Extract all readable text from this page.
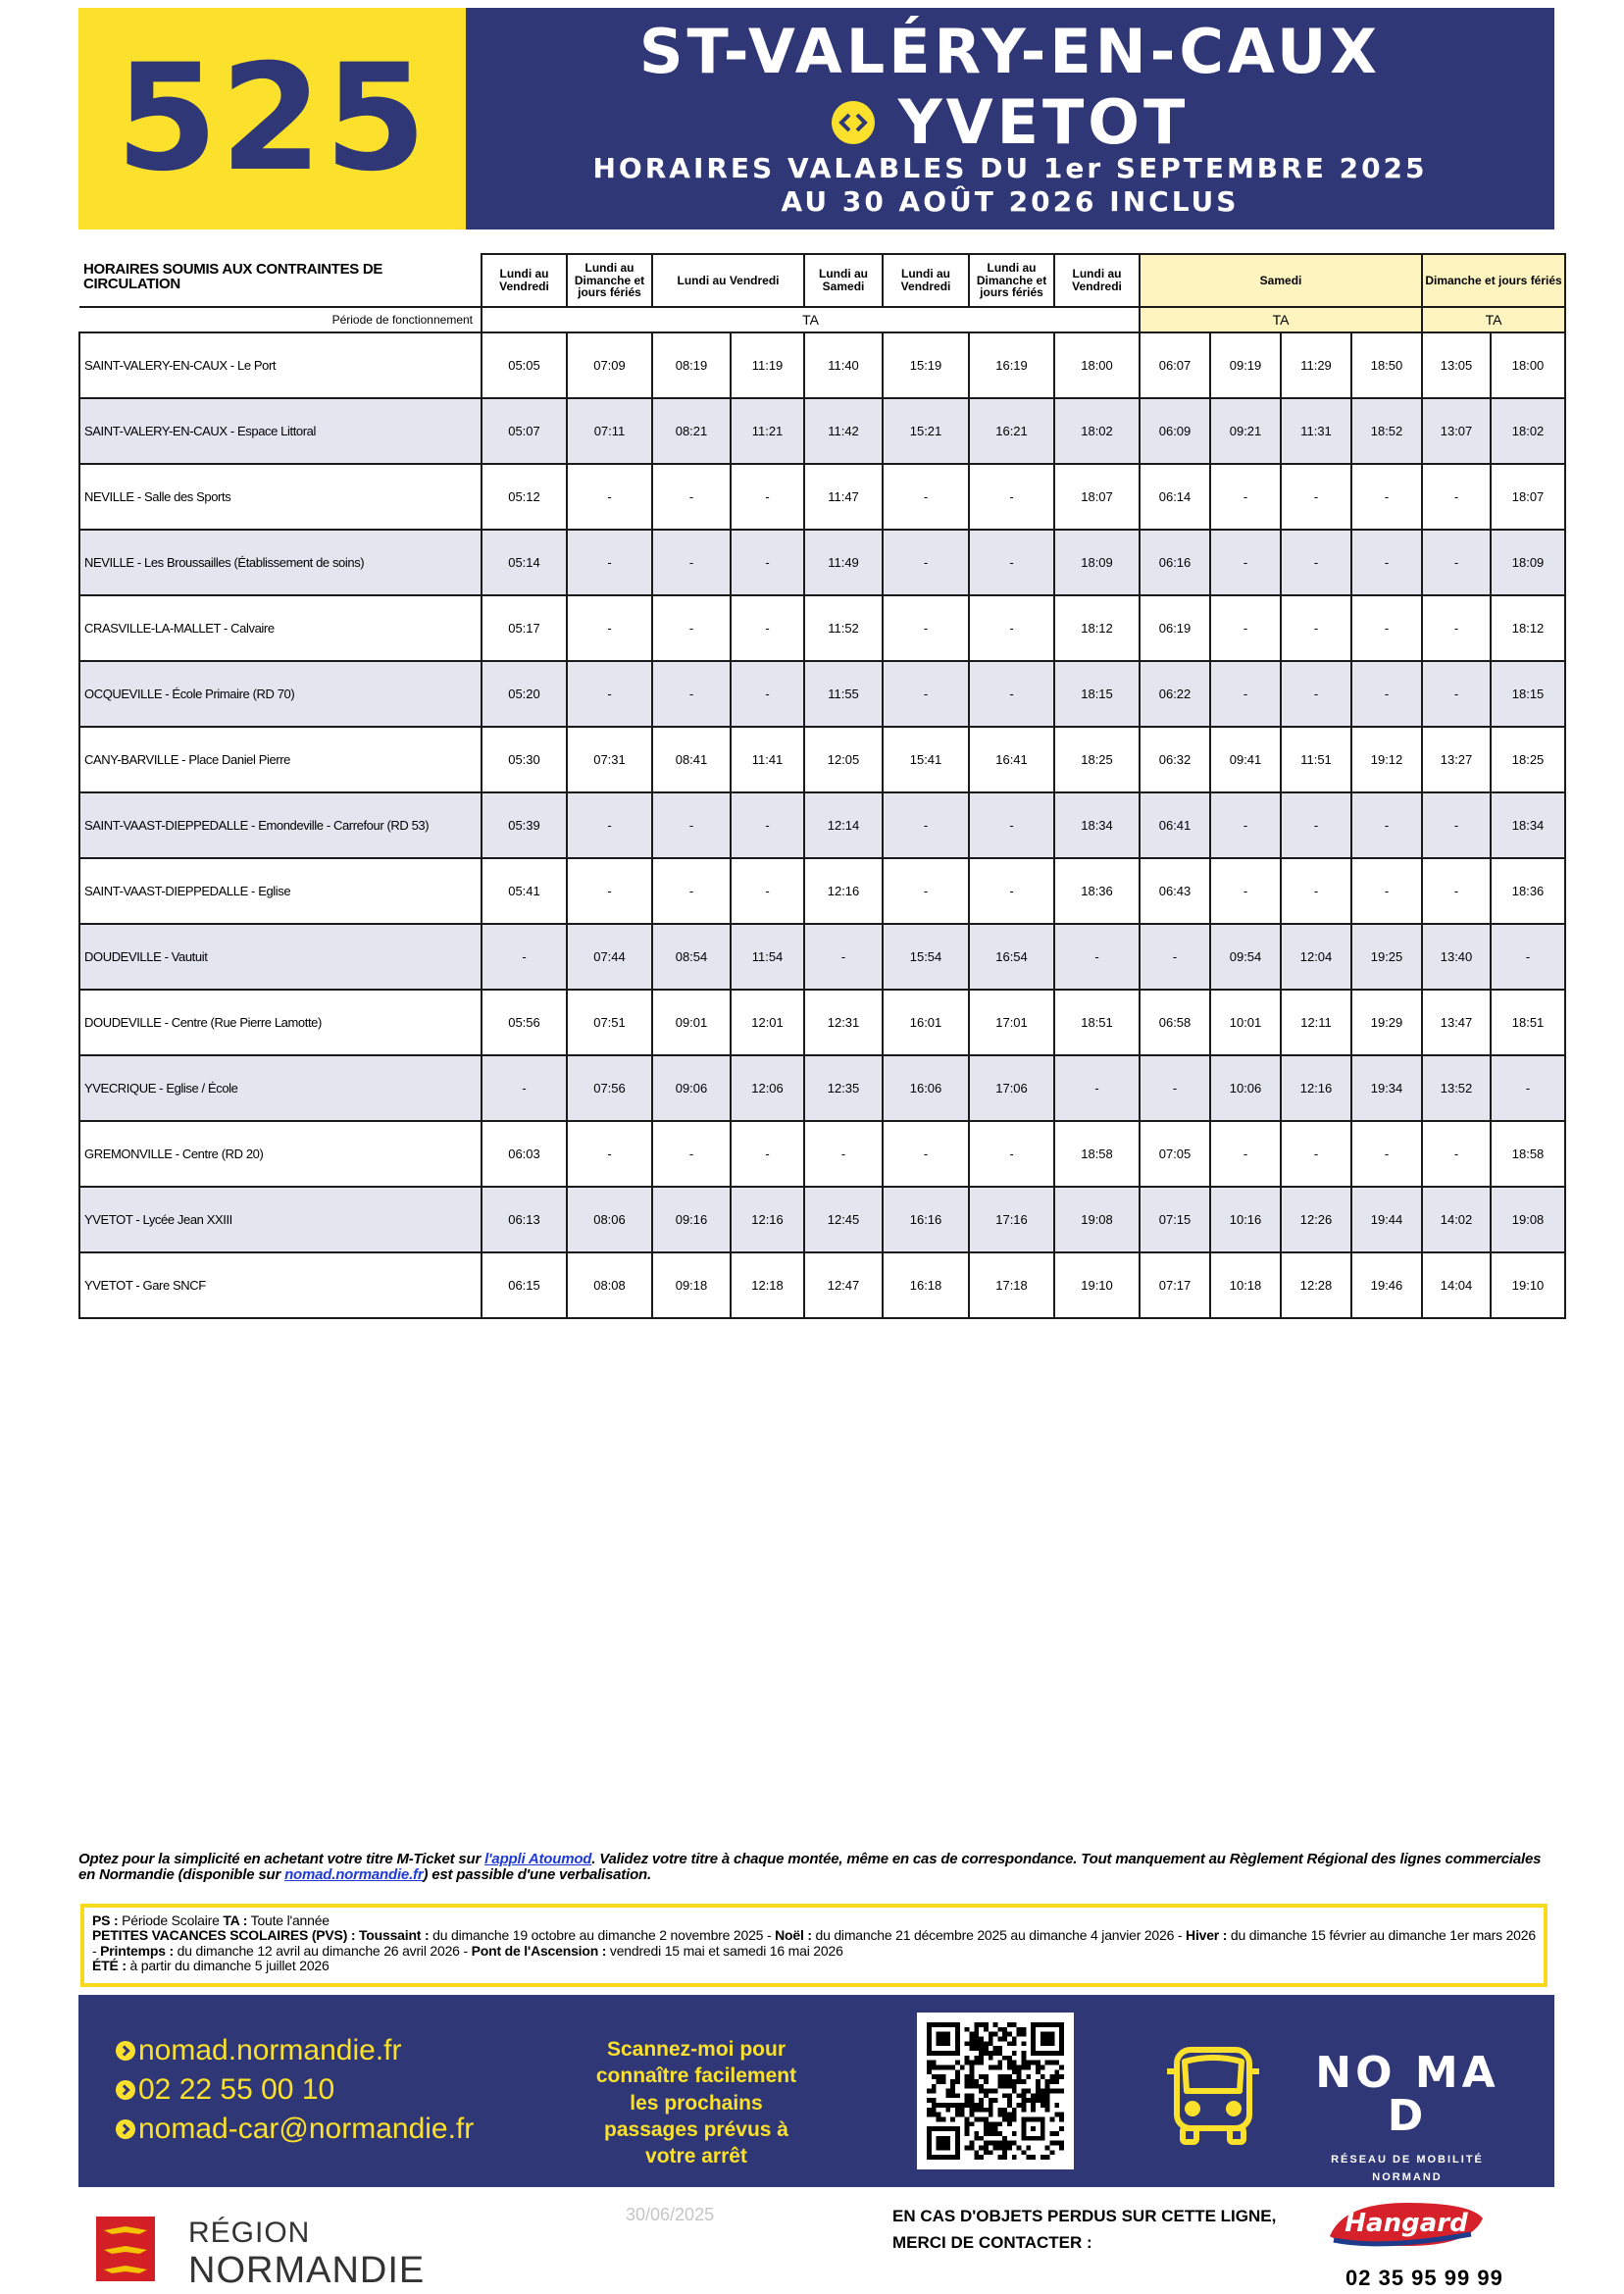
525	ST-VALÉRY-EN-CAUX
YVETOT
HORAIRES VALABLES DU 1er SEPTEMBRE 2025
AU 30 AOÛT 2026 INCLUS
HORAIRES SOUMIS AUX CONTRAINTES DE CIRCULATION	Lundi au Vendredi	Lundi au Dimanche et jours fériés	Lundi au Vendredi		Lundi au Samedi	Lundi au Vendredi	Lundi au Dimanche et jours fériés	Lundi au Vendredi	Samedi				Dimanche et jours fériés	
Période de fonctionnement	TA								TA				TA	
SAINT-VALERY-EN-CAUX - Le Port	05:05	07:09	08:19	11:19	11:40	15:19	16:19	18:00	06:07	09:19	11:29	18:50	13:05	18:00
SAINT-VALERY-EN-CAUX - Espace Littoral	05:07	07:11	08:21	11:21	11:42	15:21	16:21	18:02	06:09	09:21	11:31	18:52	13:07	18:02
NEVILLE - Salle des Sports	05:12	-	-	-	11:47	-	-	18:07	06:14	-	-	-	-	18:07
NEVILLE - Les Broussailles (Établissement de soins)	05:14	-	-	-	11:49	-	-	18:09	06:16	-	-	-	-	18:09
CRASVILLE-LA-MALLET - Calvaire	05:17	-	-	-	11:52	-	-	18:12	06:19	-	-	-	-	18:12
OCQUEVILLE - École Primaire (RD 70)	05:20	-	-	-	11:55	-	-	18:15	06:22	-	-	-	-	18:15
CANY-BARVILLE - Place Daniel Pierre	05:30	07:31	08:41	11:41	12:05	15:41	16:41	18:25	06:32	09:41	11:51	19:12	13:27	18:25
SAINT-VAAST-DIEPPEDALLE - Emondeville - Carrefour (RD 53)	05:39	-	-	-	12:14	-	-	18:34	06:41	-	-	-	-	18:34
SAINT-VAAST-DIEPPEDALLE - Eglise	05:41	-	-	-	12:16	-	-	18:36	06:43	-	-	-	-	18:36
DOUDEVILLE - Vautuit	-	07:44	08:54	11:54	-	15:54	16:54	-	-	09:54	12:04	19:25	13:40	-
DOUDEVILLE - Centre (Rue Pierre Lamotte)	05:56	07:51	09:01	12:01	12:31	16:01	17:01	18:51	06:58	10:01	12:11	19:29	13:47	18:51
YVECRIQUE - Eglise / École	-	07:56	09:06	12:06	12:35	16:06	17:06	-	-	10:06	12:16	19:34	13:52	-
GREMONVILLE - Centre (RD 20)	06:03	-	-	-	-	-	-	18:58	07:05	-	-	-	-	18:58
YVETOT - Lycée Jean XXIII	06:13	08:06	09:16	12:16	12:45	16:16	17:16	19:08	07:15	10:16	12:26	19:44	14:02	19:08
YVETOT - Gare SNCF	06:15	08:08	09:18	12:18	12:47	16:18	17:18	19:10	07:17	10:18	12:28	19:46	14:04	19:10
Optez pour la simplicité en achetant votre titre M-Ticket sur l'appli Atoumod. Validez votre titre à chaque montée, même en cas de correspondance. Tout manquement au Règlement Régional des lignes commerciales en Normandie (disponible sur nomad.normandie.fr) est passible d'une verbalisation.
PS : Période Scolaire TA : Toute l'année
PETITES VACANCES SCOLAIRES (PVS) : Toussaint : du dimanche 19 octobre au dimanche 2 novembre 2025 - Noël : du dimanche 21 décembre 2025 au dimanche 4 janvier 2026 - Hiver : du dimanche 15 février au dimanche 1er mars 2026 - Printemps : du dimanche 12 avril au dimanche 26 avril 2026 - Pont de l'Ascension : vendredi 15 mai et samedi 16 mai 2026
ÉTÉ : à partir du dimanche 5 juillet 2026
nomad.normandie.fr
02 22 55 00 10
nomad-car@normandie.fr
Scannez-moi pour connaître facilement les prochains passages prévus à votre arrêt
NO MA D
RÉSEAU DE MOBILITÉ
NORMAND
RÉGION
NORMANDIE
30/06/2025	EN CAS D'OBJETS PERDUS SUR CETTE LIGNE,
MERCI DE CONTACTER :
Hangard
02 35 95 99 99
